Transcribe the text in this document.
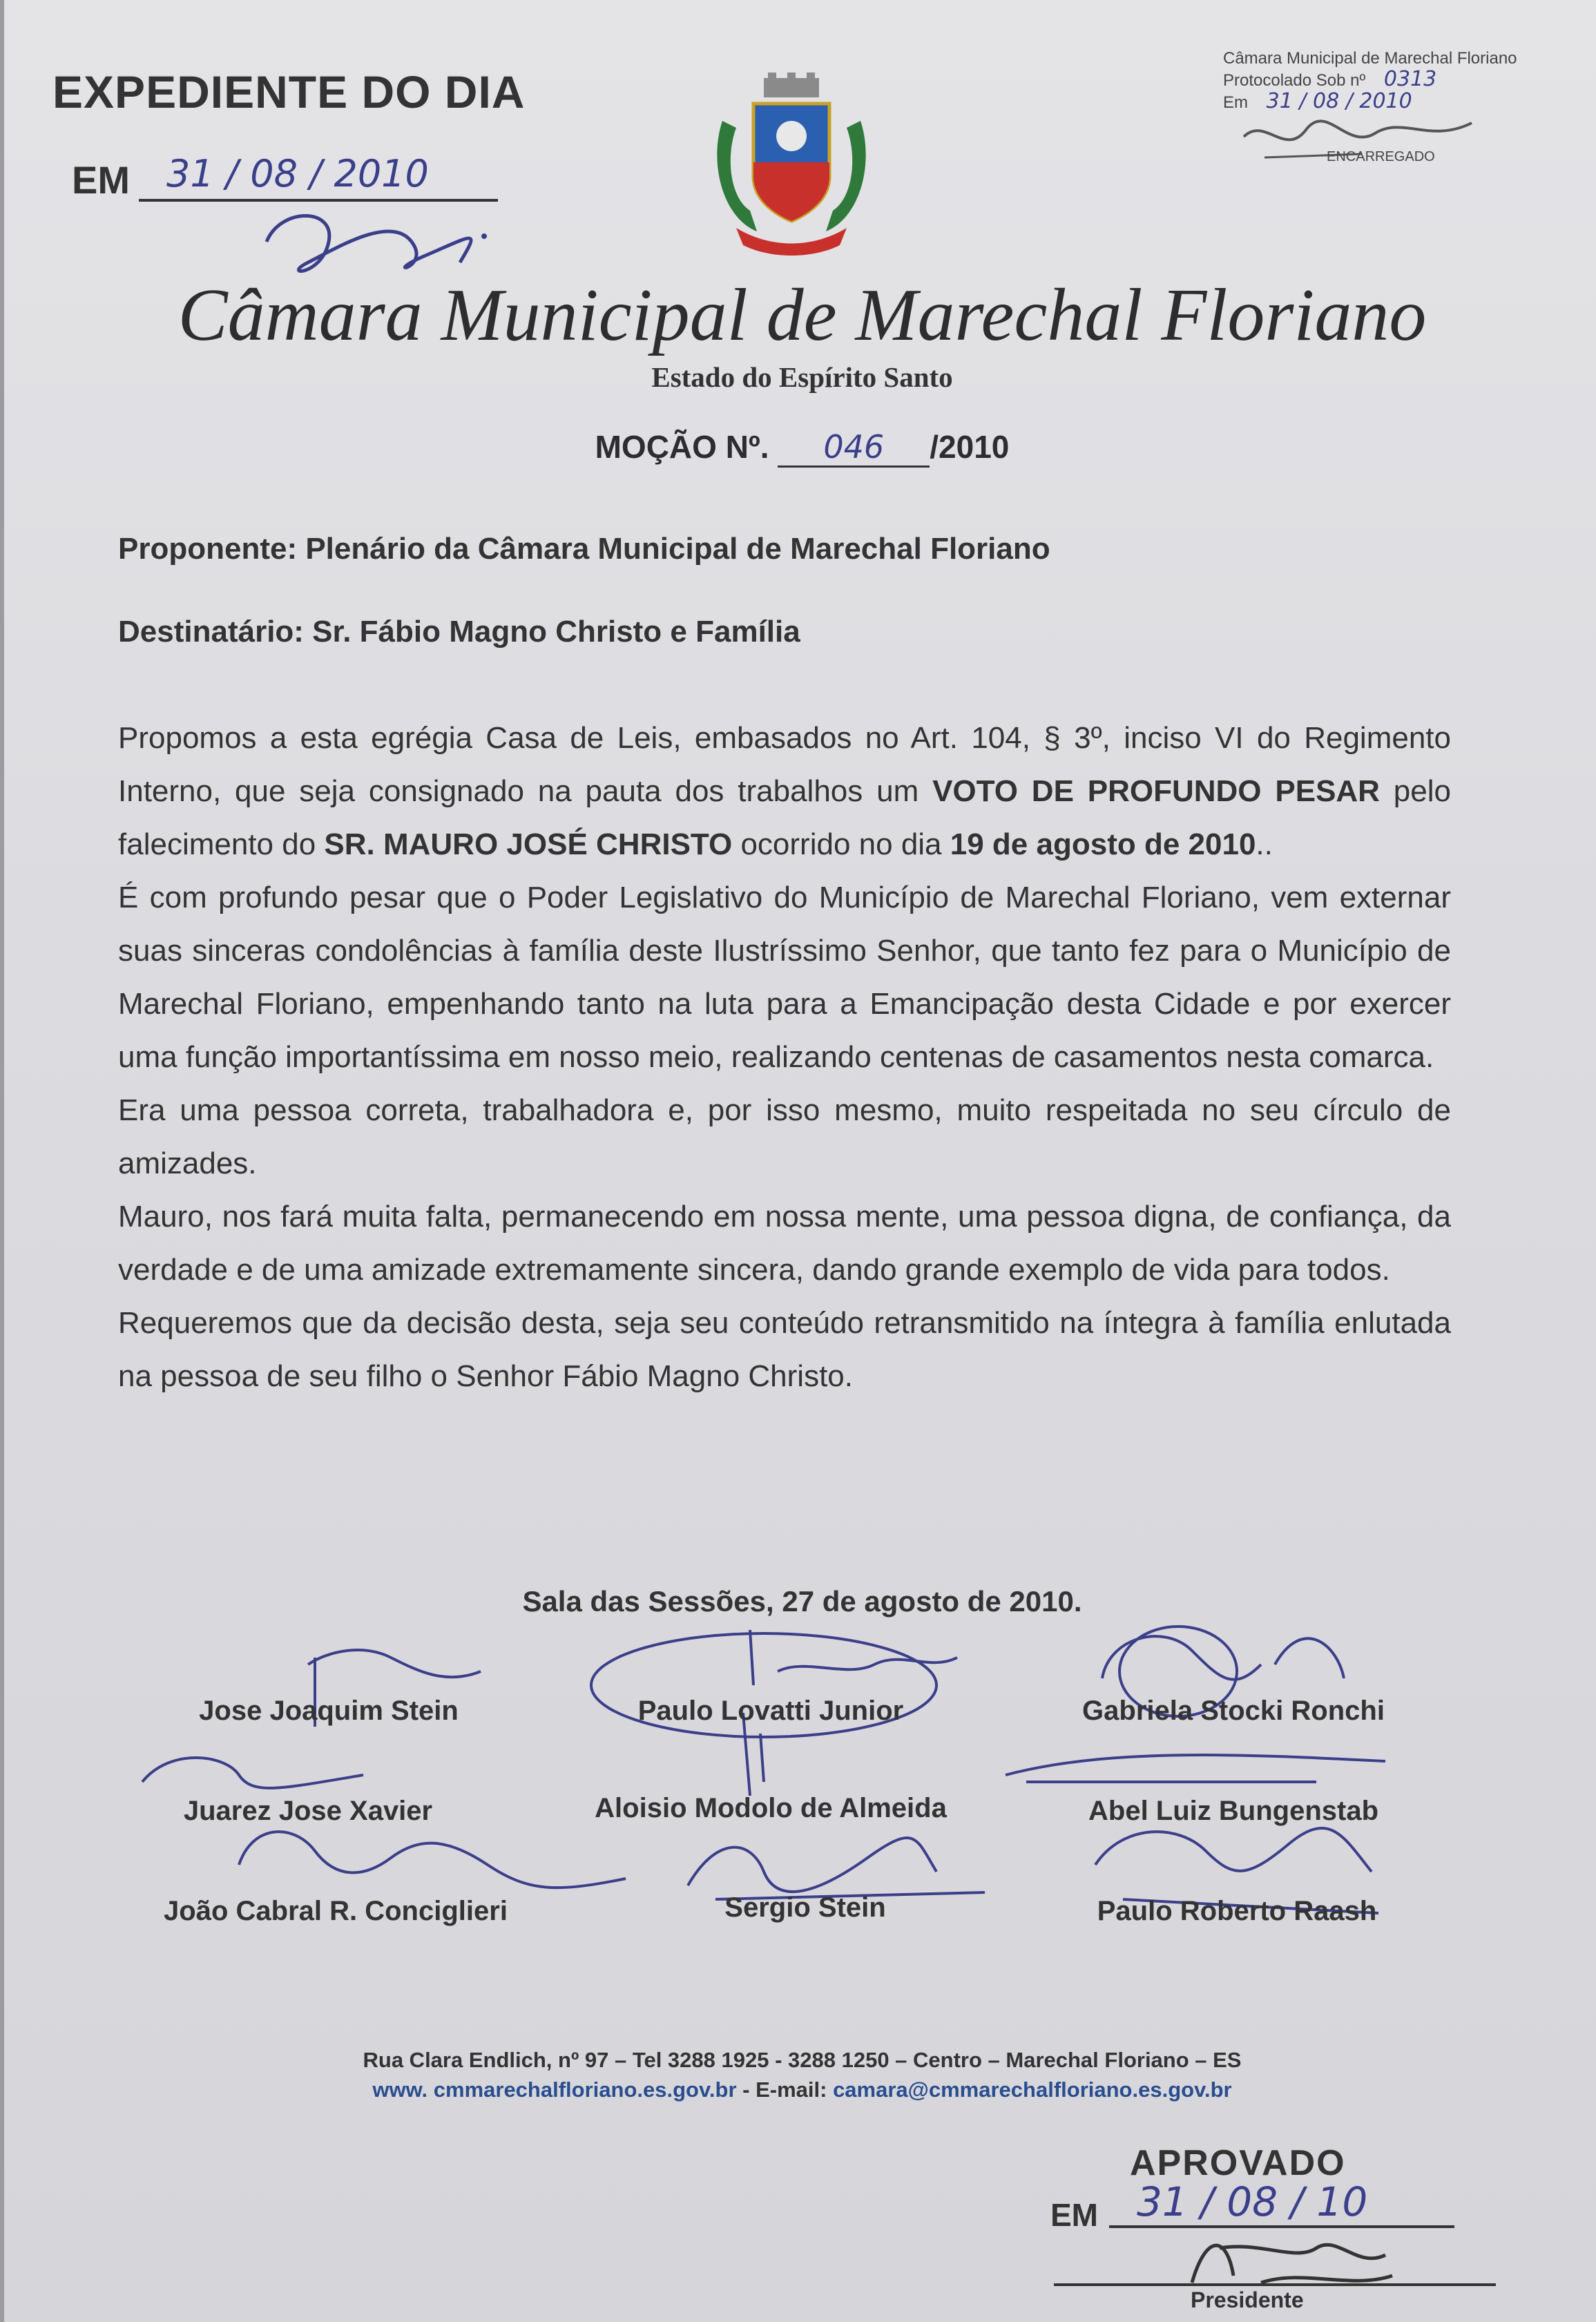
EXPEDIENTE DO DIA
EM 31 / 08 / 2010
Câmara Municipal de Marechal Floriano
Protocolado Sob nº 0313
Em 31 / 08 / 2010
ENCARREGADO
Câmara Municipal de Marechal Floriano
Estado do Espírito Santo
MOÇÃO Nº. 046 /2010
Proponente: Plenário da Câmara Municipal de Marechal Floriano
Destinatário: Sr. Fábio Magno Christo e Família

Propomos a esta egrégia Casa de Leis, embasados no Art. 104, § 3º, inciso VI do Regimento Interno, que seja consignado na pauta dos trabalhos um VOTO DE PROFUNDO PESAR pelo falecimento do SR. MAURO JOSÉ CHRISTO ocorrido no dia 19 de agosto de 2010..

É com profundo pesar que o Poder Legislativo do Município de Marechal Floriano, vem externar suas sinceras condolências à família deste Ilustríssimo Senhor, que tanto fez para o Município de Marechal Floriano, empenhando tanto na luta para a Emancipação desta Cidade e por exercer uma função importantíssima em nosso meio, realizando centenas de casamentos nesta comarca.

Era uma pessoa correta, trabalhadora e, por isso mesmo, muito respeitada no seu círculo de amizades.

Mauro, nos fará muita falta, permanecendo em nossa mente, uma pessoa digna, de confiança, da verdade e de uma amizade extremamente sincera, dando grande exemplo de vida para todos.

Requeremos que da decisão desta, seja seu conteúdo retransmitido na íntegra à família enlutada na pessoa de seu filho o Senhor Fábio Magno Christo.

Sala das Sessões, 27 de agosto de 2010.
Jose Joaquim Stein	Paulo Lovatti Junior	Gabriela Stocki Ronchi
Juarez Jose Xavier	Aloisio Modolo de Almeida	Abel Luiz Bungenstab
João Cabral R. Conciglieri	Sergio Stein	Paulo Roberto Raash
Rua Clara Endlich, nº 97 – Tel 3288 1925 - 3288 1250 – Centro – Marechal Floriano – ES
www. cmmarechalfloriano.es.gov.br - E-mail: camara@cmmarechalfloriano.es.gov.br
APROVADO
EM 31 / 08 / 10
Presidente
